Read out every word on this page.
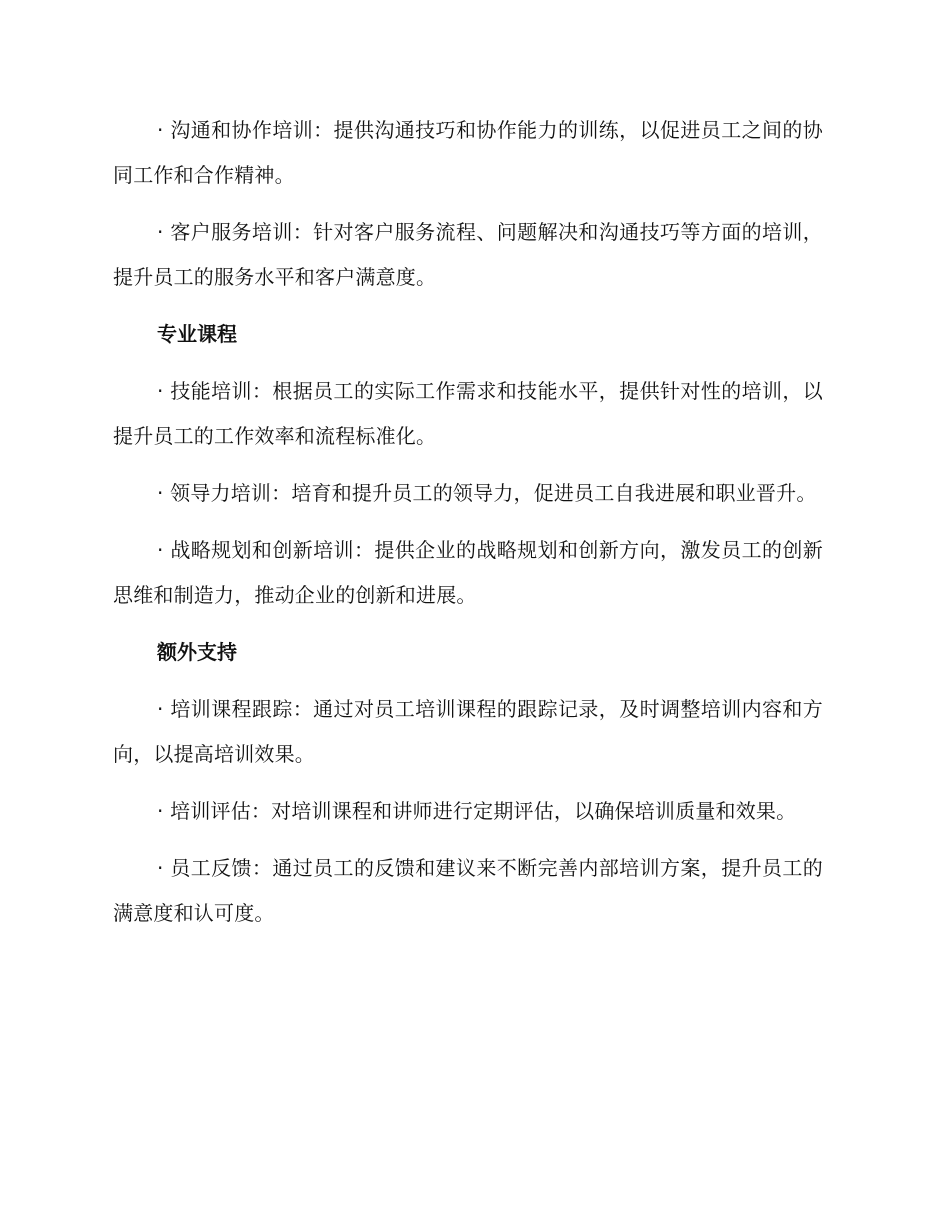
· 沟通和协作培训：提供沟通技巧和协作能力的训练，以促进员工之间的协同工作和合作精神。

· 客户服务培训：针对客户服务流程、问题解决和沟通技巧等方面的培训，提升员工的服务水平和客户满意度。

专业课程

· 技能培训：根据员工的实际工作需求和技能水平，提供针对性的培训，以提升员工的工作效率和流程标准化。

· 领导力培训：培育和提升员工的领导力，促进员工自我进展和职业晋升。

· 战略规划和创新培训：提供企业的战略规划和创新方向，激发员工的创新思维和制造力，推动企业的创新和进展。

额外支持

· 培训课程跟踪：通过对员工培训课程的跟踪记录，及时调整培训内容和方向，以提高培训效果。

· 培训评估：对培训课程和讲师进行定期评估，以确保培训质量和效果。

· 员工反馈：通过员工的反馈和建议来不断完善内部培训方案，提升员工的满意度和认可度。
